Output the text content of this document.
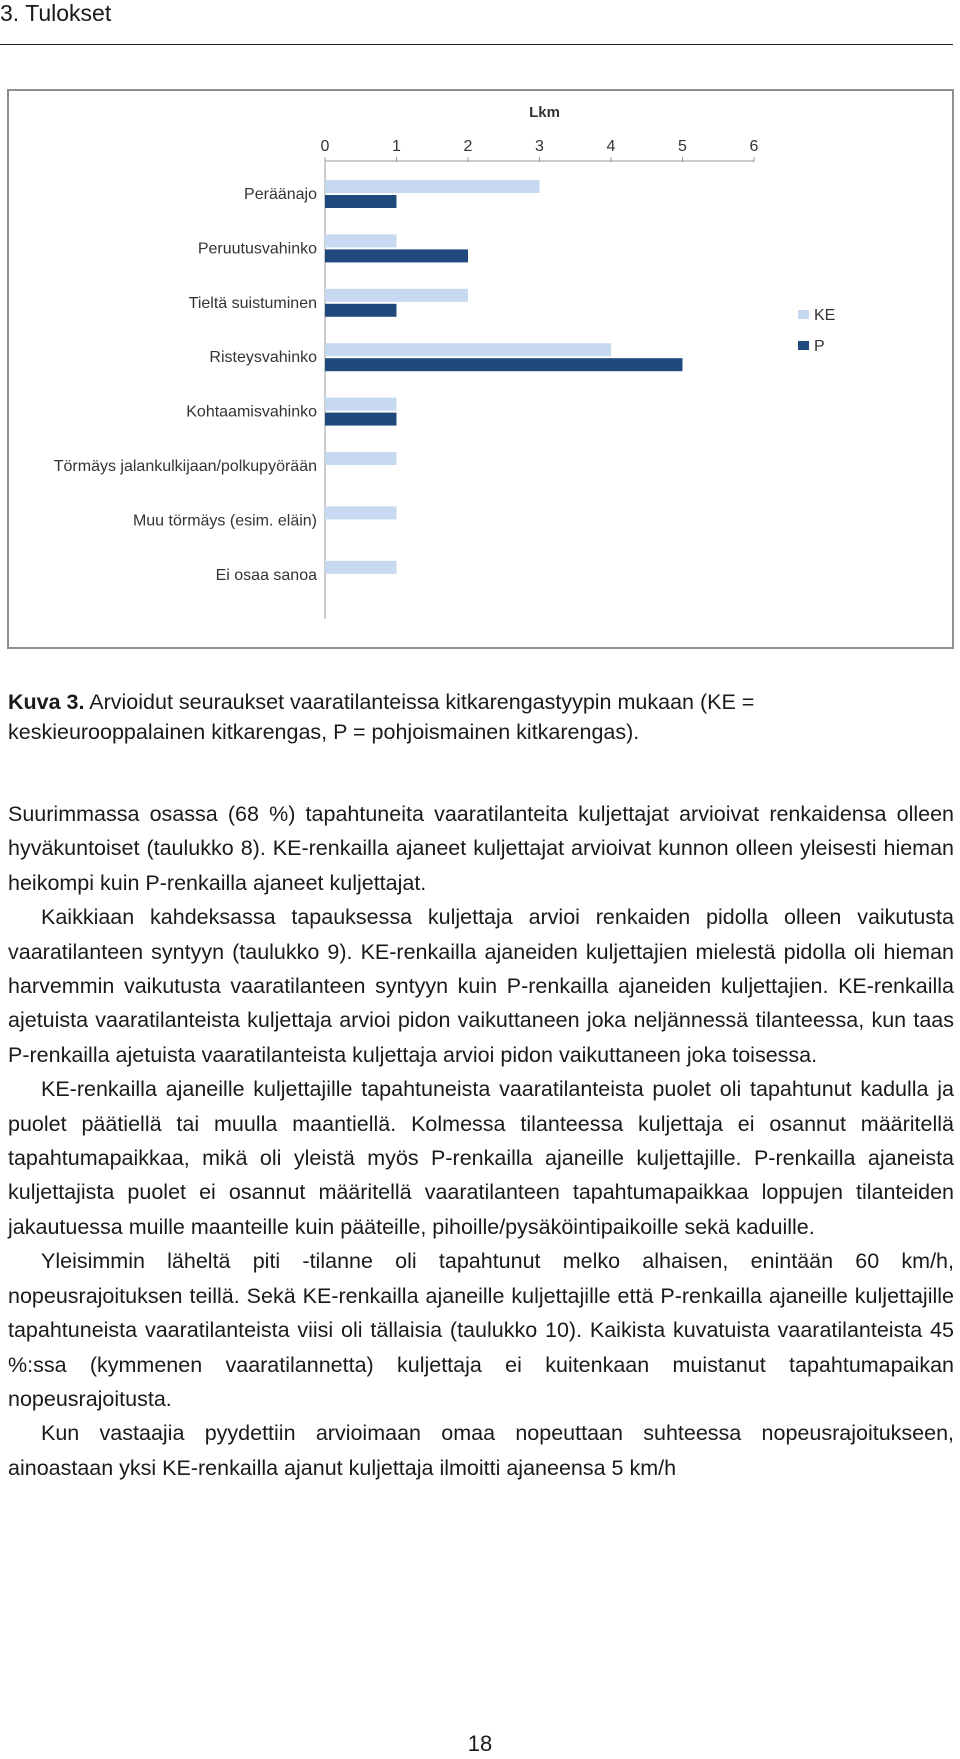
3. Tulokset
Lkm
0	1	2	3	4	5	6
Peräänajo
Peruutusvahinko
Tieltä suistuminen
Risteysvahinko
Kohtaamisvahinko
Törmäys jalankulkijaan/polkupyörään
Muu törmäys (esim. eläin)
Ei osaa sanoa
KE
P
Kuva 3. Arvioidut seuraukset vaaratilanteissa kitkarengastyypin mukaan (KE = keskieurooppalainen kitkarengas, P = pohjoismainen kitkarengas).

Suurimmassa osassa (68 %) tapahtuneita vaaratilanteita kuljettajat arvioivat renkaidensa olleen hyväkuntoiset (taulukko 8). KE-renkailla ajaneet kuljettajat arvioivat kunnon olleen yleisesti hieman heikompi kuin P-renkailla ajaneet kuljettajat.

Kaikkiaan kahdeksassa tapauksessa kuljettaja arvioi renkaiden pidolla olleen vaikutusta vaaratilanteen syntyyn (taulukko 9). KE-renkailla ajaneiden kuljettajien mielestä pidolla oli hieman harvemmin vaikutusta vaaratilanteen syntyyn kuin P-renkailla ajaneiden kuljettajien. KE-renkailla ajetuista vaaratilanteista kuljettaja arvioi pidon vaikuttaneen joka neljännessä tilanteessa, kun taas P-renkailla ajetuista vaaratilanteista kuljettaja arvioi pidon vaikuttaneen joka toisessa.

KE-renkailla ajaneille kuljettajille tapahtuneista vaaratilanteista puolet oli tapahtunut kadulla ja puolet päätiellä tai muulla maantiellä. Kolmessa tilanteessa kuljettaja ei osannut määritellä tapahtumapaikkaa, mikä oli yleistä myös P-renkailla ajaneille kuljettajille. P-renkailla ajaneista kuljettajista puolet ei osannut määritellä vaaratilanteen tapahtumapaikkaa loppujen tilanteiden jakautuessa muille maanteille kuin pääteille, pihoille/pysäköintipaikoille sekä kaduille.

Yleisimmin läheltä piti -tilanne oli tapahtunut melko alhaisen, enintään 60 km/h, nopeusrajoituksen teillä. Sekä KE-renkailla ajaneille kuljettajille että P-renkailla ajaneille kuljettajille tapahtuneista vaaratilanteista viisi oli tällaisia (taulukko 10). Kaikista kuvatuista vaaratilanteista 45 %:ssa (kymmenen vaaratilannetta) kuljettaja ei kuitenkaan muistanut tapahtumapaikan nopeusrajoitusta.

Kun vastaajia pyydettiin arvioimaan omaa nopeuttaan suhteessa nopeusrajoitukseen, ainoastaan yksi KE-renkailla ajanut kuljettaja ilmoitti ajaneensa 5 km/h

18
